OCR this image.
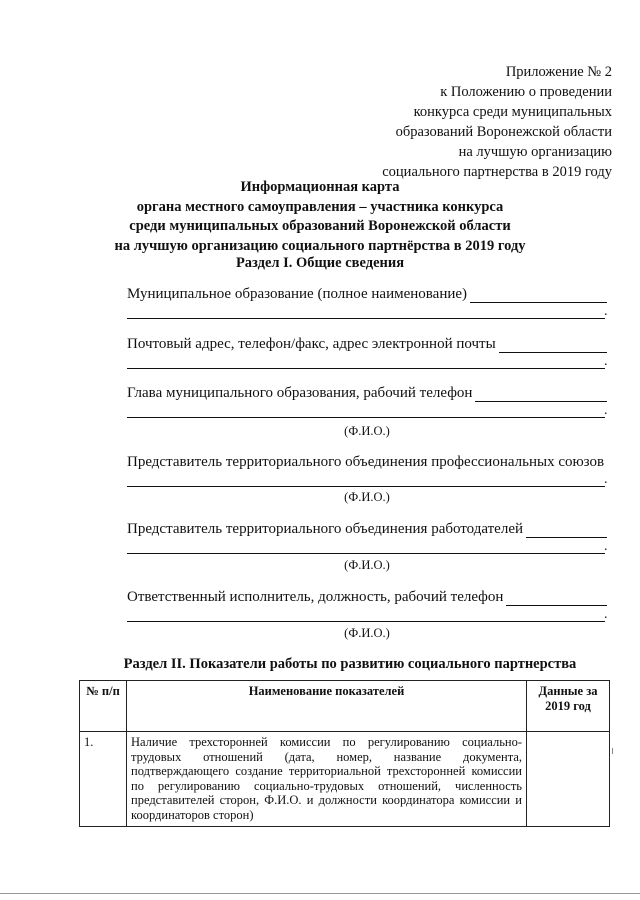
Приложение № 2
к Положению о проведении
конкурса среди муниципальных
образований Воронежской области
на лучшую организацию
социального партнерства в 2019 году
Информационная карта
органа местного самоуправления – участника конкурса
среди муниципальных образований Воронежской области
на лучшую организацию социального партнёрства в 2019 году
Раздел I. Общие сведения
Муниципальное образование (полное наименование)
.
Почтовый адрес, телефон/факс, адрес электронной почты
.
Глава муниципального образования, рабочий телефон
.
(Ф.И.О.)
Представитель территориального объединения профессиональных союзов
.
(Ф.И.О.)
Представитель территориального объединения работодателей
.
(Ф.И.О.)
Ответственный исполнитель, должность, рабочий телефон
.
(Ф.И.О.)
Раздел II. Показатели работы по развитию социального партнерства
№ п/п	Наименование показателей	Данные за 2019 год
1.	Наличие трехсторонней комиссии по регулированию социально-трудовых отношений (дата, номер, название документа, подтверждающего создание территориальной трехсторонней комиссии по регулированию социально-трудовых отношений, численность представителей сторон, Ф.И.О. и должности координатора комиссии и координаторов сторон)	
